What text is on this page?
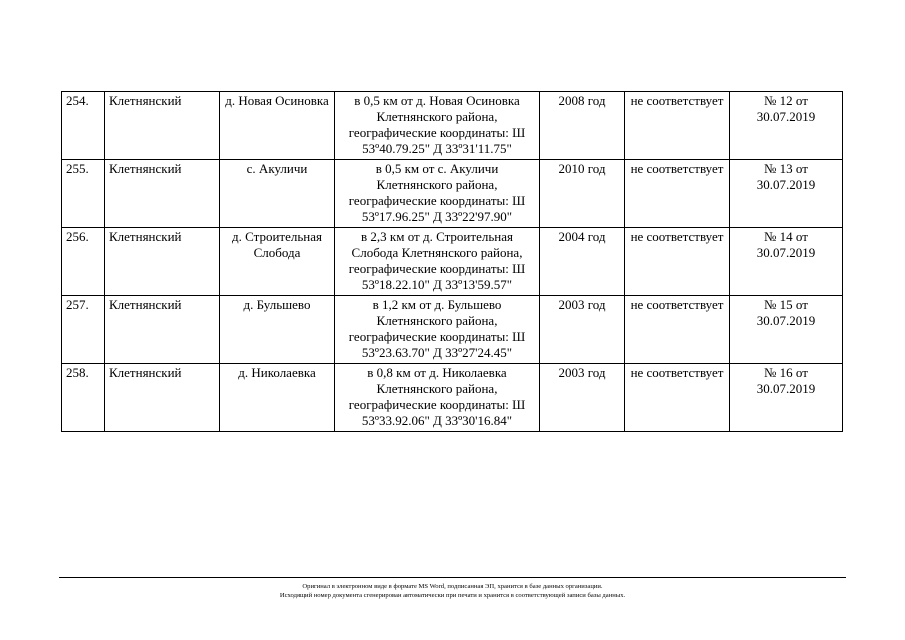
254.	Клетнянский	д. Новая Осиновка	в 0,5 км от д. Новая Осиновка Клетнянского района, географические координаты: Ш 53º40.79.25" Д 33º31'11.75"	2008 год	не соответствует	№ 12 от 30.07.2019
255.	Клетнянский	с. Акуличи	в 0,5 км от с. Акуличи Клетнянского района, географические координаты: Ш 53º17.96.25" Д 33º22'97.90"	2010 год	не соответствует	№ 13 от 30.07.2019
256.	Клетнянский	д. Строительная Слобода	в 2,3 км от д. Строительная Слобода Клетнянского района, географические координаты: Ш 53º18.22.10" Д 33º13'59.57"	2004 год	не соответствует	№ 14 от 30.07.2019
257.	Клетнянский	д. Бульшево	в 1,2 км от д. Бульшево Клетнянского района, географические координаты: Ш 53º23.63.70" Д 33º27'24.45"	2003 год	не соответствует	№ 15 от 30.07.2019
258.	Клетнянский	д. Николаевка	в 0,8 км от д. Николаевка Клетнянского района, географические координаты: Ш 53º33.92.06" Д 33º30'16.84"	2003 год	не соответствует	№ 16 от 30.07.2019
Оригинал в электронном виде в формате MS Word, подписанная ЭП, хранится в базе данных организации.
Исходящий номер документа сгенерирован автоматически при печати и хранится в соответствующей записи базы данных.
